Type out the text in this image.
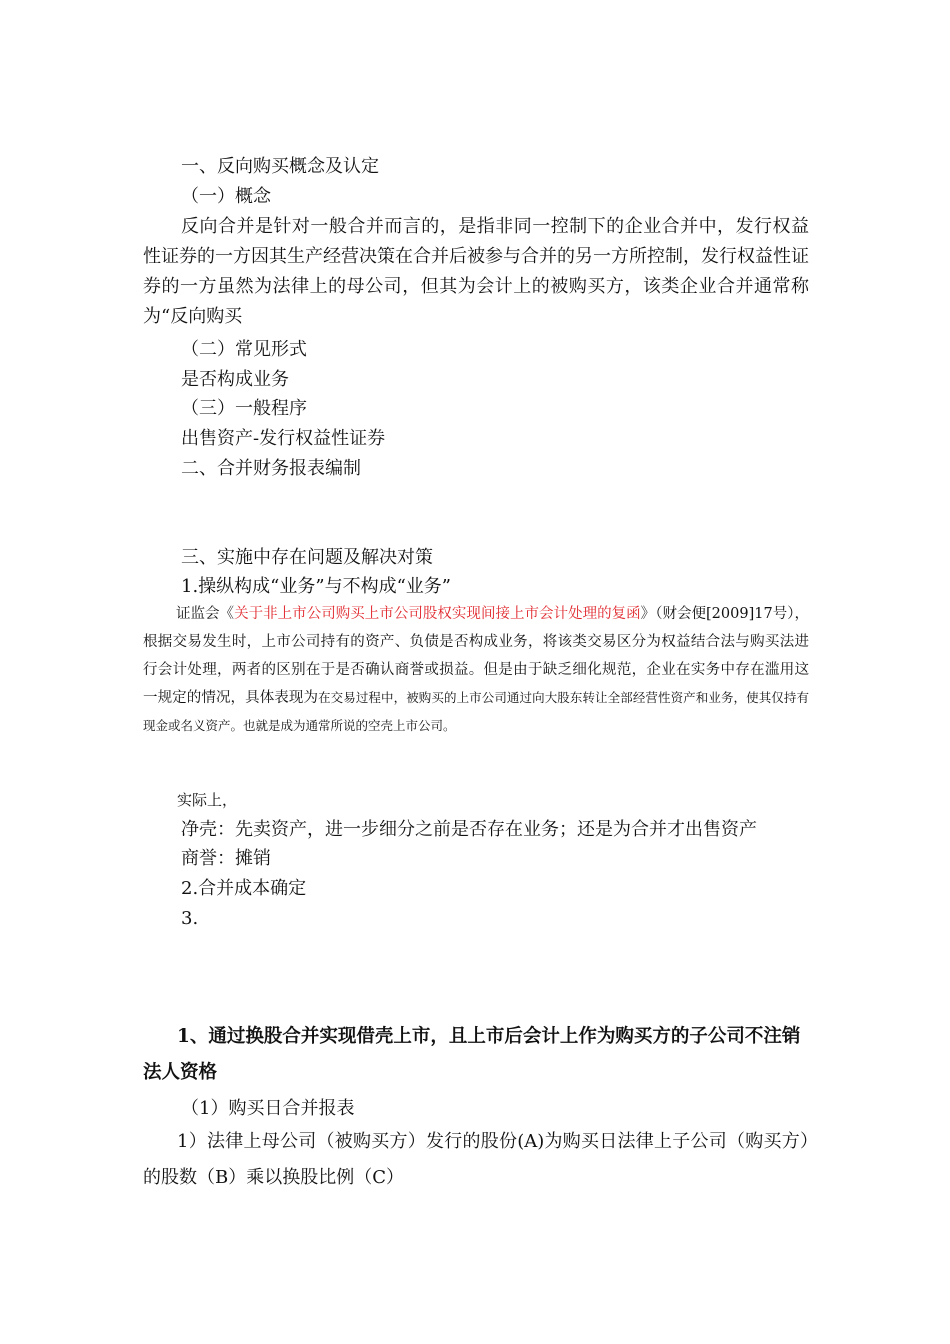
一、反向购买概念及认定
（一）概念
反向合并是针对一般合并而言的，是指非同一控制下的企业合并中，发行权益性证券的一方因其生产经营决策在合并后被参与合并的另一方所控制，发行权益性证券的一方虽然为法律上的母公司，但其为会计上的被购买方，该类企业合并通常称为“反向购买
（二）常见形式
是否构成业务
（三）一般程序
出售资产-发行权益性证券
二、合并财务报表编制
三、实施中存在问题及解决对策
1.操纵构成“业务”与不构成“业务”
证监会《关于非上市公司购买上市公司股权实现间接上市会计处理的复函》（财会便[2009]17号），根据交易发生时，上市公司持有的资产、负债是否构成业务，将该类交易区分为权益结合法与购买法进行会计处理，两者的区别在于是否确认商誉或损益。但是由于缺乏细化规范，企业在实务中存在滥用这一规定的情况，具体表现为在交易过程中，被购买的上市公司通过向大股东转让全部经营性资产和业务，使其仅持有现金或名义资产。也就是成为通常所说的空壳上市公司。
实际上，
净壳：先卖资产，进一步细分之前是否存在业务；还是为合并才出售资产
商誉：摊销
2.合并成本确定
3.
1、通过换股合并实现借壳上市，且上市后会计上作为购买方的子公司不注销法人资格
（1）购买日合并报表
1）法律上母公司（被购买方）发行的股份(A)为购买日法律上子公司（购买方）的股数（B）乘以换股比例（C）
